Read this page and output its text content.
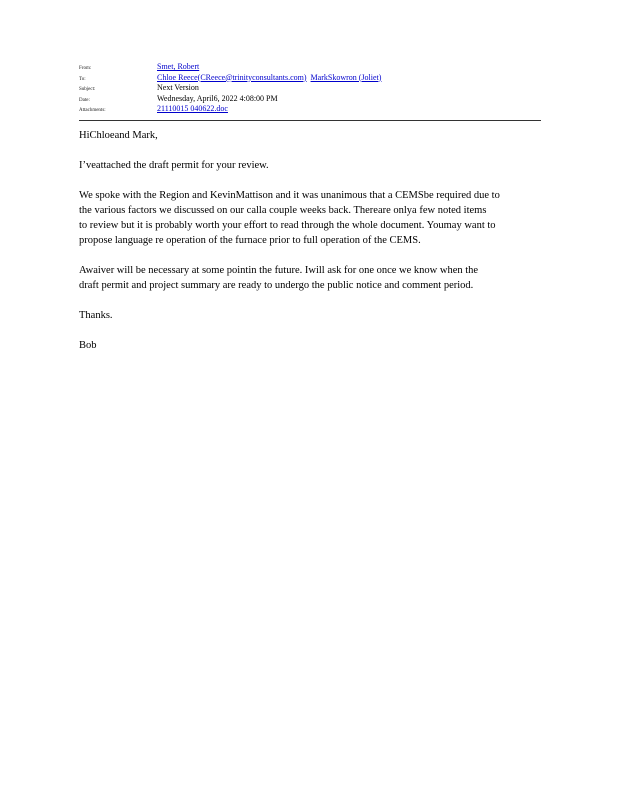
From:	Smet, Robert
To:	Chloe Reece(CReece@trinityconsultants.com) MarkSkowron (Joliet)
Subject:	Next Version
Date:	Wednesday, April6, 2022 4:08:00 PM
Attachments:	21110015 040622.doc

HiChloeand Mark,

I’veattached the draft permit for your review.

We spoke with the Region and KevinMattison and it was unanimous that a CEMSbe required due to
the various factors we discussed on our calla couple weeks back. Thereare onlya few noted items
to review but it is probably worth your effort to read through the whole document. Youmay want to
propose language re operation of the furnace prior to full operation of the CEMS.

Awaiver will be necessary at some pointin the future. Iwill ask for one once we know when the
draft permit and project summary are ready to undergo the public notice and comment period.

Thanks.

Bob
